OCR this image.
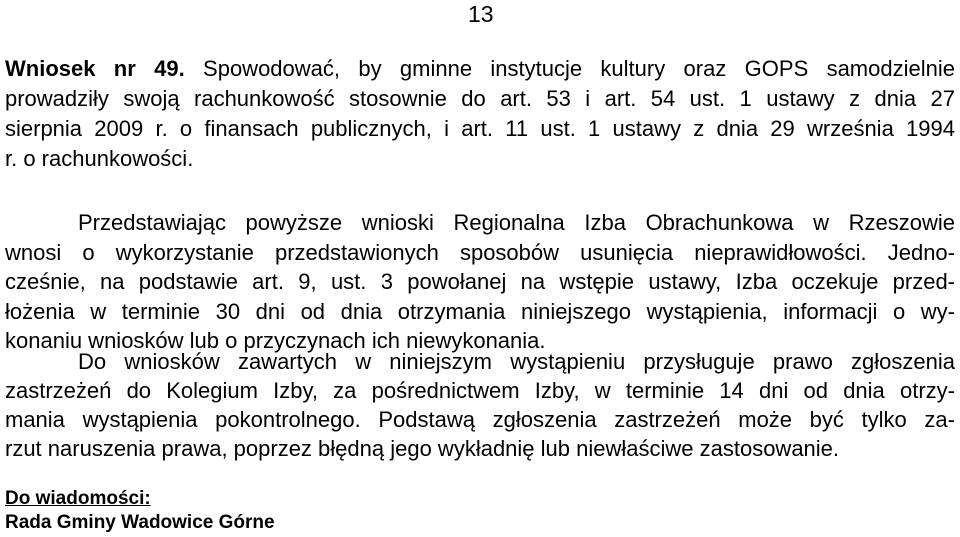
13
Wniosek nr 49. Spowodować, by gminne instytucje kultury oraz GOPS samodzielnie
prowadziły swoją rachunkowość stosownie do art. 53 i art. 54 ust. 1 ustawy z dnia 27
sierpnia 2009 r. o finansach publicznych, i art. 11 ust. 1 ustawy z dnia 29 września 1994
r. o rachunkowości.
Przedstawiając powyższe wnioski Regionalna Izba Obrachunkowa w Rzeszowie
wnosi o wykorzystanie przedstawionych sposobów usunięcia nieprawidłowości. Jedno-
cześnie, na podstawie art. 9, ust. 3 powołanej na wstępie ustawy, Izba oczekuje przed-
łożenia w terminie 30 dni od dnia otrzymania niniejszego wystąpienia, informacji o wy-
konaniu wniosków lub o przyczynach ich niewykonania.
Do wniosków zawartych w niniejszym wystąpieniu przysługuje prawo zgłoszenia
zastrzeżeń do Kolegium Izby, za pośrednictwem Izby, w terminie 14 dni od dnia otrzy-
mania wystąpienia pokontrolnego. Podstawą zgłoszenia zastrzeżeń może być tylko za-
rzut naruszenia prawa, poprzez błędną jego wykładnię lub niewłaściwe zastosowanie.
Do wiadomości:
Rada Gminy Wadowice Górne
